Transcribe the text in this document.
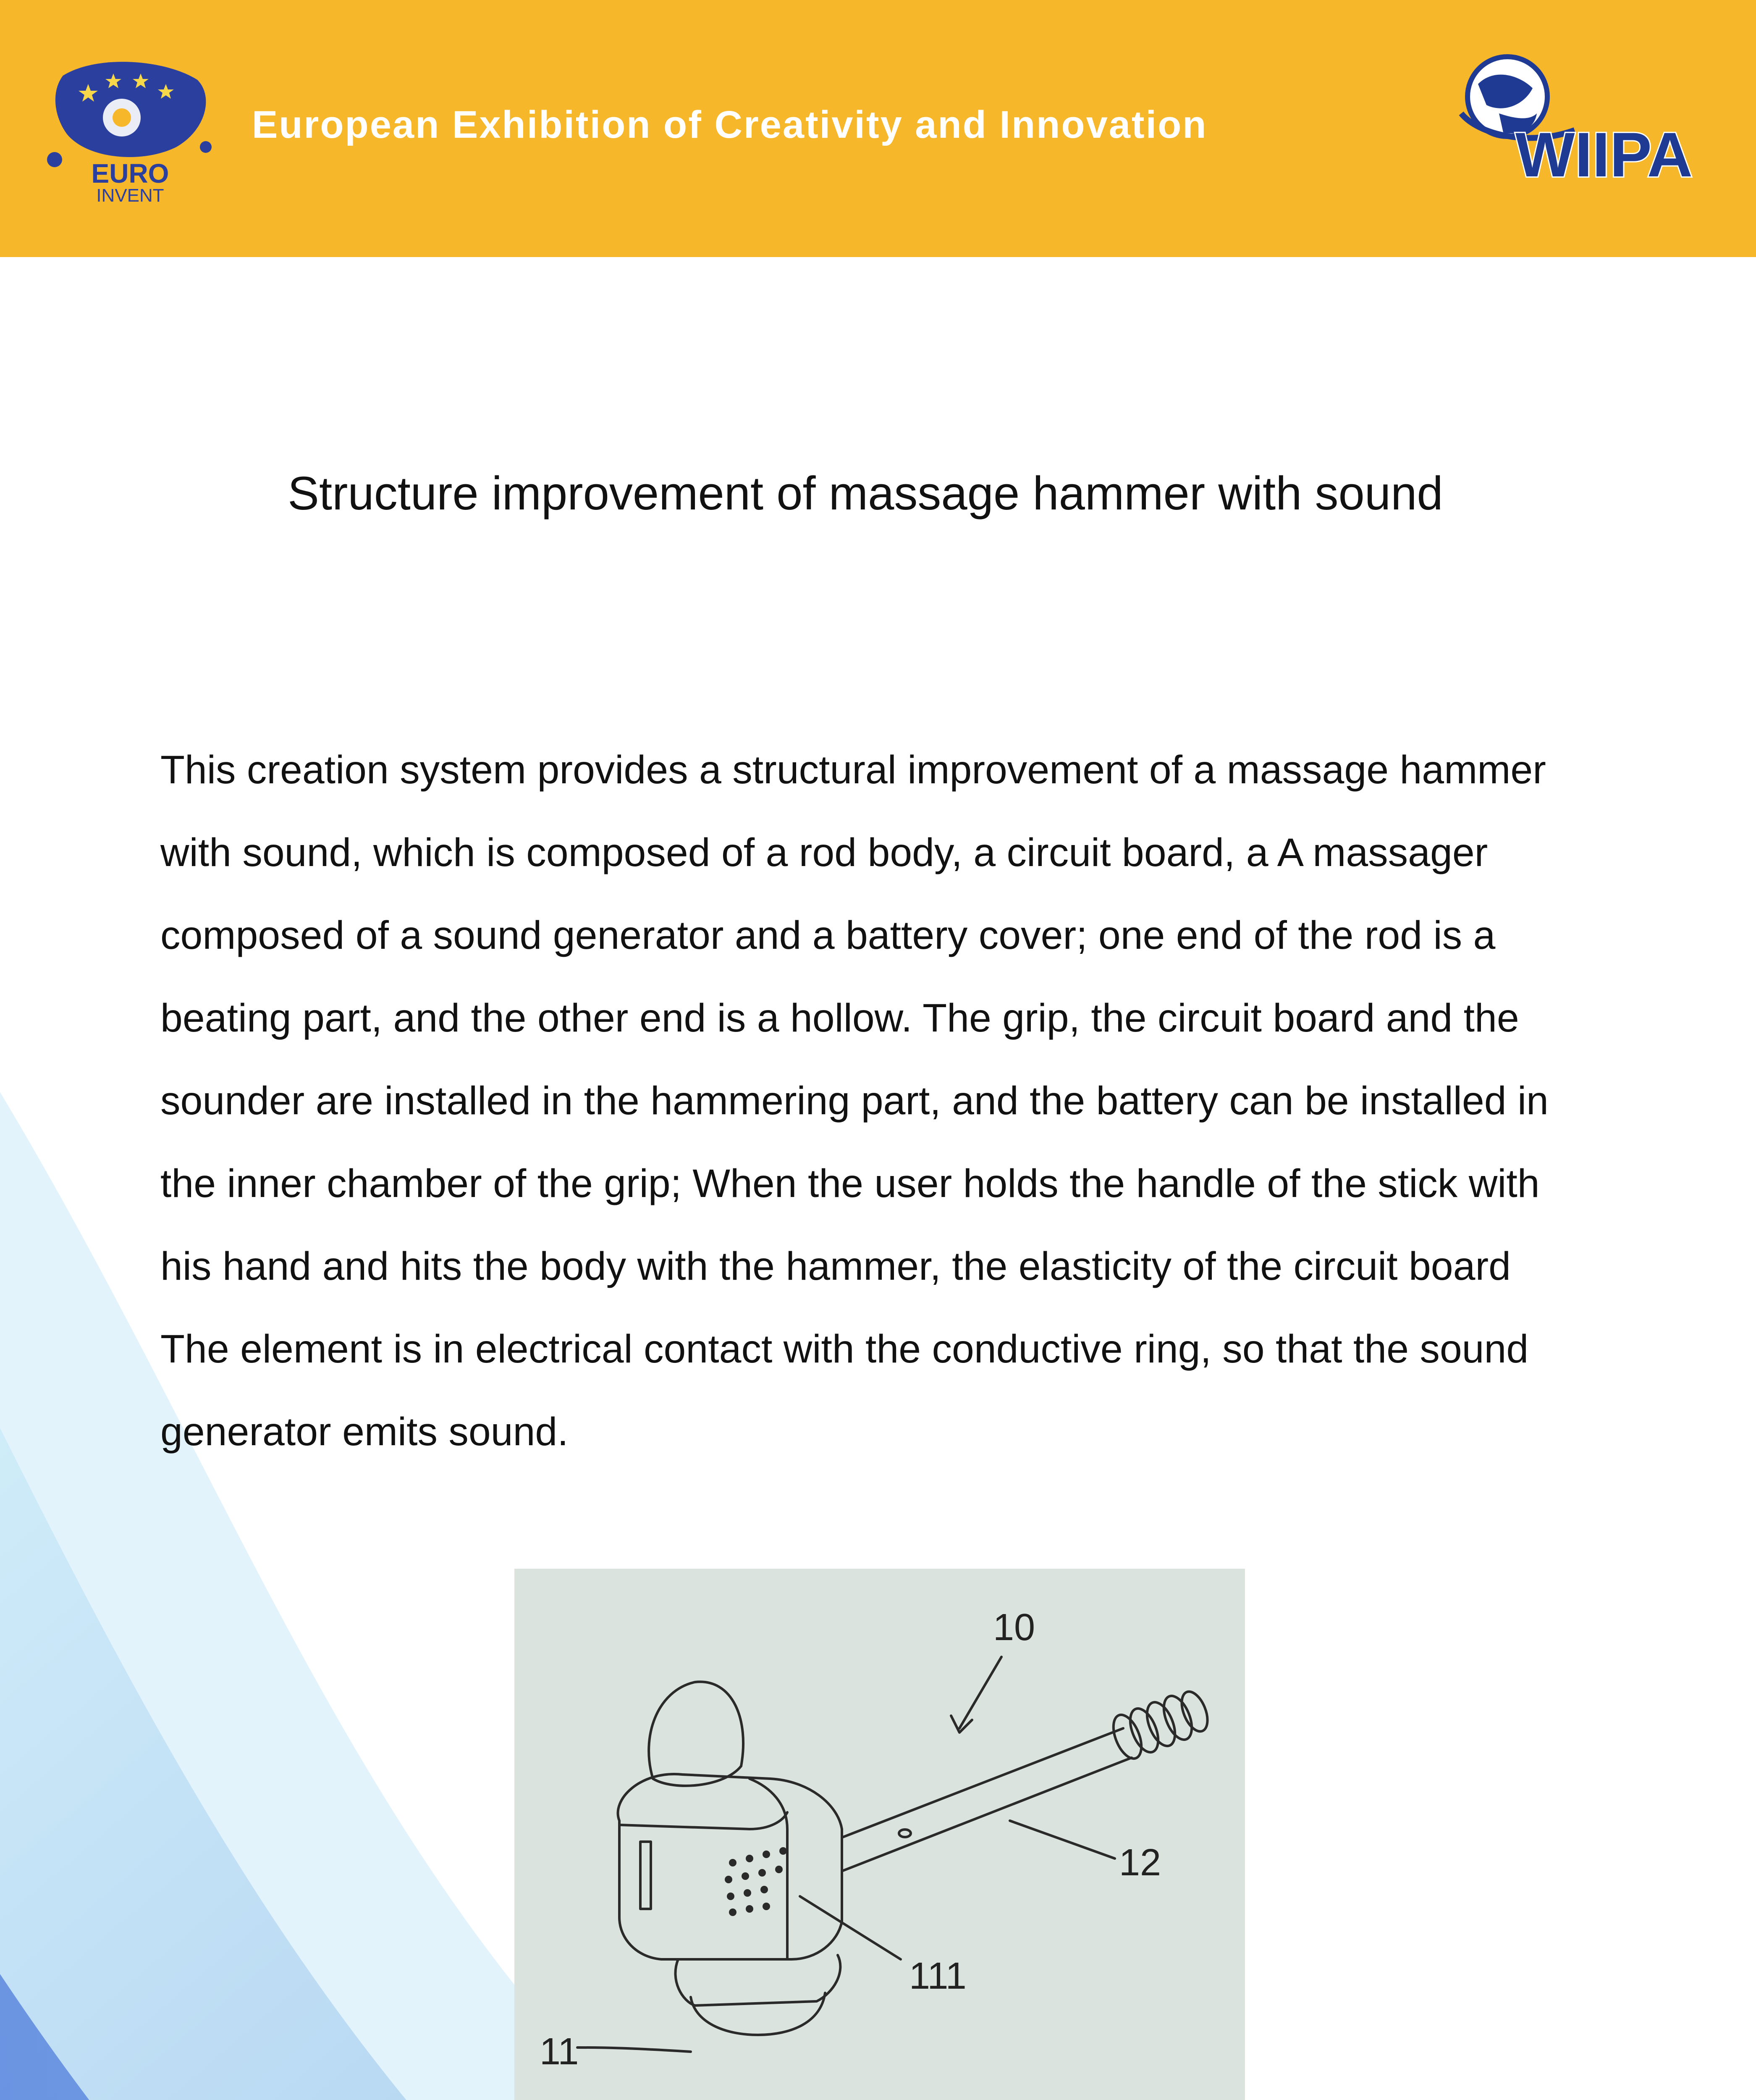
EURO
INVENT
European Exhibition of Creativity and Innovation	WIIPA
Structure improvement of massage hammer with sound

This creation system provides a structural improvement of a massage hammer

with sound, which is composed of a rod body, a circuit board, a A massager

composed of a sound generator and a battery cover; one end of the rod is a

beating part, and the other end is a hollow. The grip, the circuit board and the

sounder are installed in the hammering part, and the battery can be installed in

the inner chamber of the grip; When the user holds the handle of the stick with

his hand and hits the body with the hammer, the elasticity of the circuit board

The element is in electrical contact with the conductive ring, so that the sound

generator emits sound.

10
12
111
11
